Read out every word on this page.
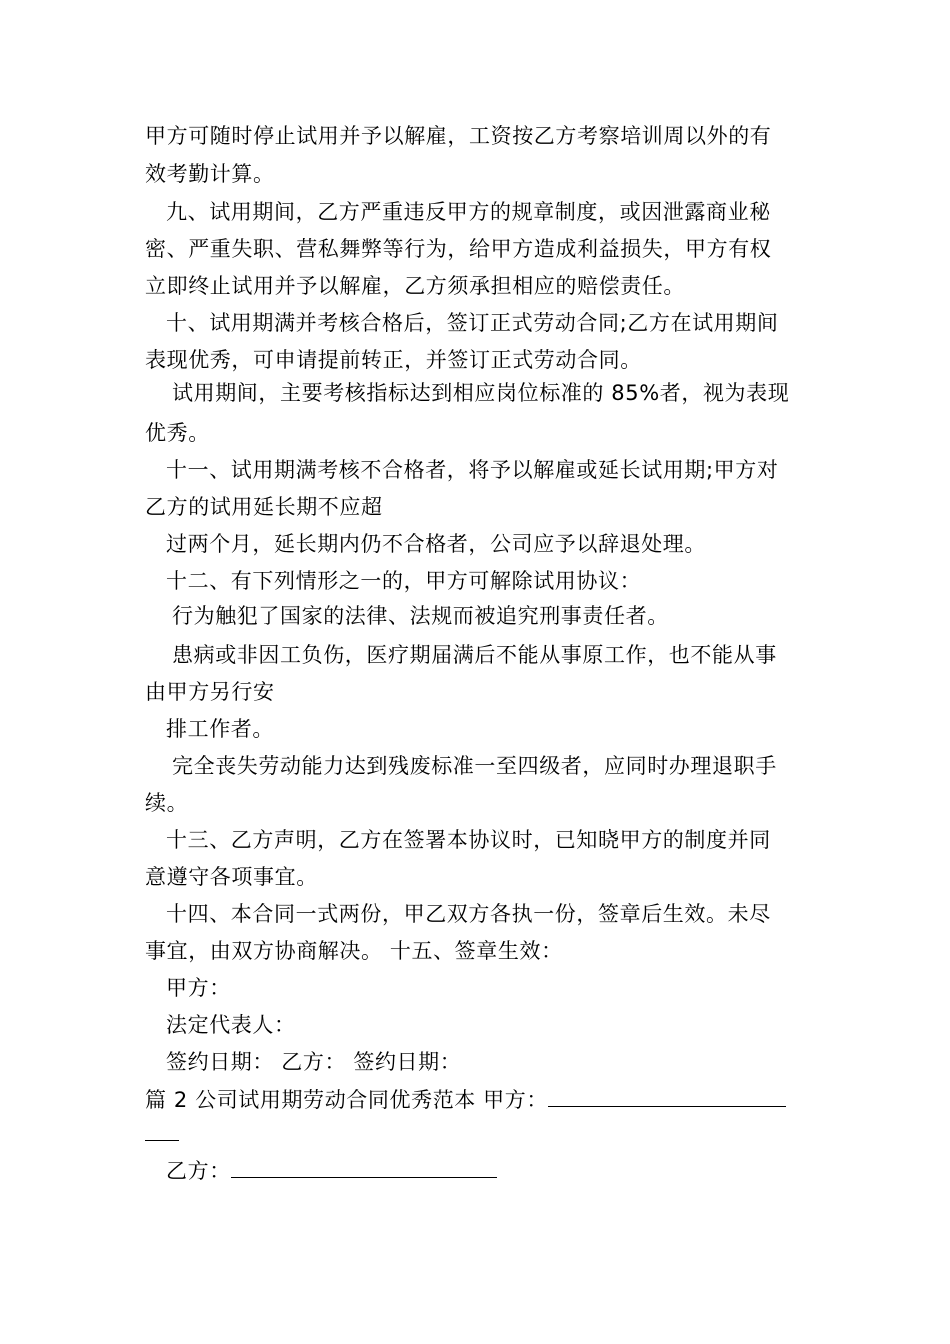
甲方可随时停止试用并予以解雇，工资按乙方考察培训周以外的有
效考勤计算。
九、试用期间，乙方严重违反甲方的规章制度，或因泄露商业秘
密、严重失职、营私舞弊等行为，给甲方造成利益损失，甲方有权
立即终止试用并予以解雇，乙方须承担相应的赔偿责任。
十、试用期满并考核合格后，签订正式劳动合同;乙方在试用期间
表现优秀，可申请提前转正，并签订正式劳动合同。
试用期间，主要考核指标达到相应岗位标准的 85%者，视为表现
优秀。
十一、试用期满考核不合格者，将予以解雇或延长试用期;甲方对
乙方的试用延长期不应超
过两个月，延长期内仍不合格者，公司应予以辞退处理。
十二、有下列情形之一的，甲方可解除试用协议：
行为触犯了国家的法律、法规而被追究刑事责任者。
患病或非因工负伤，医疗期届满后不能从事原工作，也不能从事
由甲方另行安
排工作者。
完全丧失劳动能力达到残废标准一至四级者，应同时办理退职手
续。
十三、乙方声明，乙方在签署本协议时，已知晓甲方的制度并同
意遵守各项事宜。
十四、本合同一式两份，甲乙双方各执一份，签章后生效。未尽
事宜，由双方协商解决。 十五、签章生效：
甲方：
法定代表人：
签约日期： 乙方： 签约日期：
篇 2 公司试用期劳动合同优秀范本 甲方：
乙方：
